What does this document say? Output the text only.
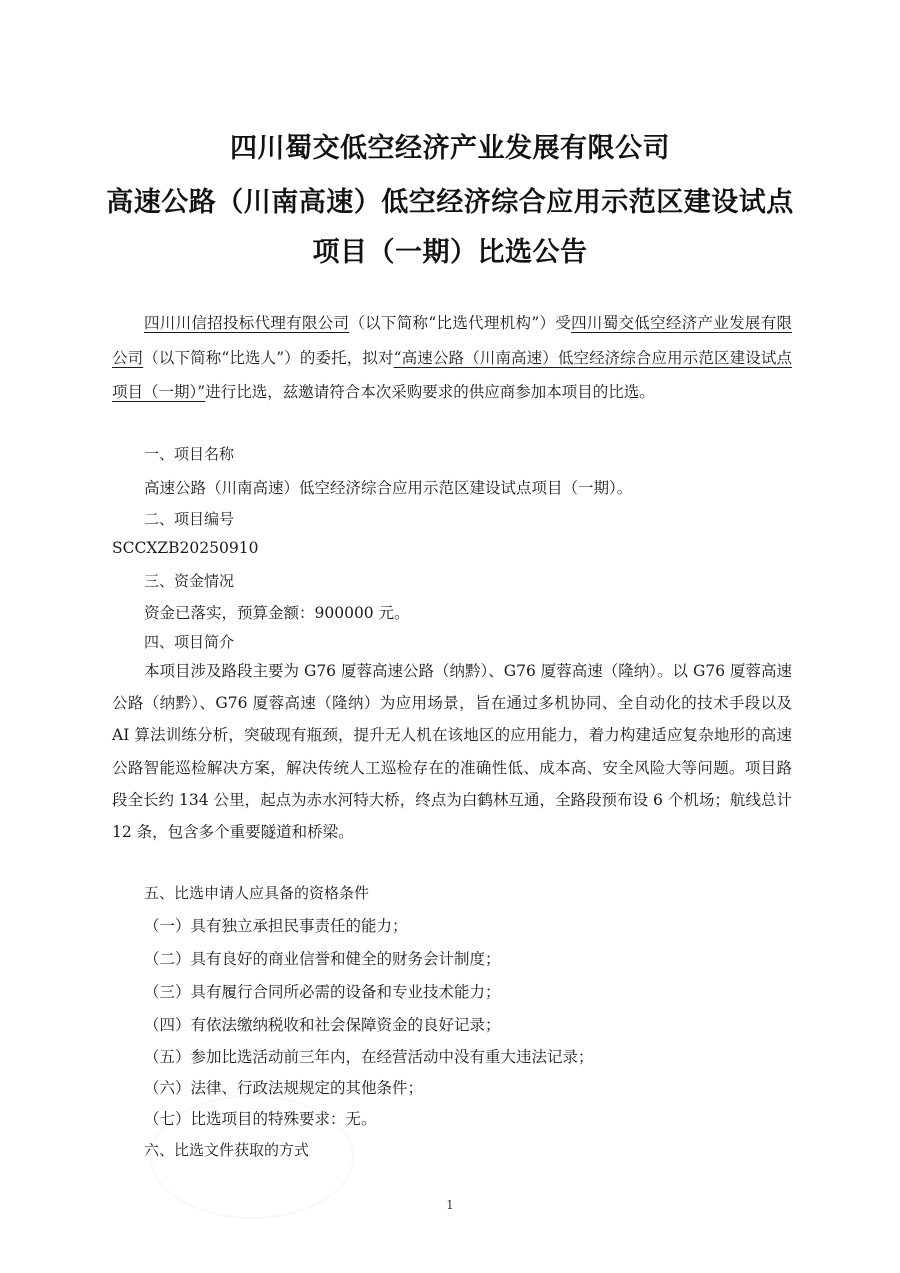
四川蜀交低空经济产业发展有限公司
高速公路（川南高速）低空经济综合应用示范区建设试点
项目（一期）比选公告

四川川信招投标代理有限公司（以下简称“比选代理机构”）受四川蜀交低空经济产业发展有限公司（以下简称“比选人”）的委托，拟对“高速公路（川南高速）低空经济综合应用示范区建设试点项目（一期）”进行比选，兹邀请符合本次采购要求的供应商参加本项目的比选。

一、项目名称
高速公路（川南高速）低空经济综合应用示范区建设试点项目（一期）。
二、项目编号
SCCXZB20250910
三、资金情况
资金已落实，预算金额：900000 元。
四、项目简介

本项目涉及路段主要为 G76 厦蓉高速公路（纳黔）、G76 厦蓉高速（隆纳）。以 G76 厦蓉高速公路（纳黔）、G76 厦蓉高速（隆纳）为应用场景，旨在通过多机协同、全自动化的技术手段以及 AI 算法训练分析，突破现有瓶颈，提升无人机在该地区的应用能力，着力构建适应复杂地形的高速公路智能巡检解决方案，解决传统人工巡检存在的准确性低、成本高、安全风险大等问题。项目路段全长约 134 公里，起点为赤水河特大桥，终点为白鹤林互通，全路段预布设 6 个机场；航线总计 12 条，包含多个重要隧道和桥梁。

五、比选申请人应具备的资格条件
（一）具有独立承担民事责任的能力；
（二）具有良好的商业信誉和健全的财务会计制度；
（三）具有履行合同所必需的设备和专业技术能力；
（四）有依法缴纳税收和社会保障资金的良好记录；
（五）参加比选活动前三年内，在经营活动中没有重大违法记录；
（六）法律、行政法规规定的其他条件；
（七）比选项目的特殊要求：无。
六、比选文件获取的方式
1
